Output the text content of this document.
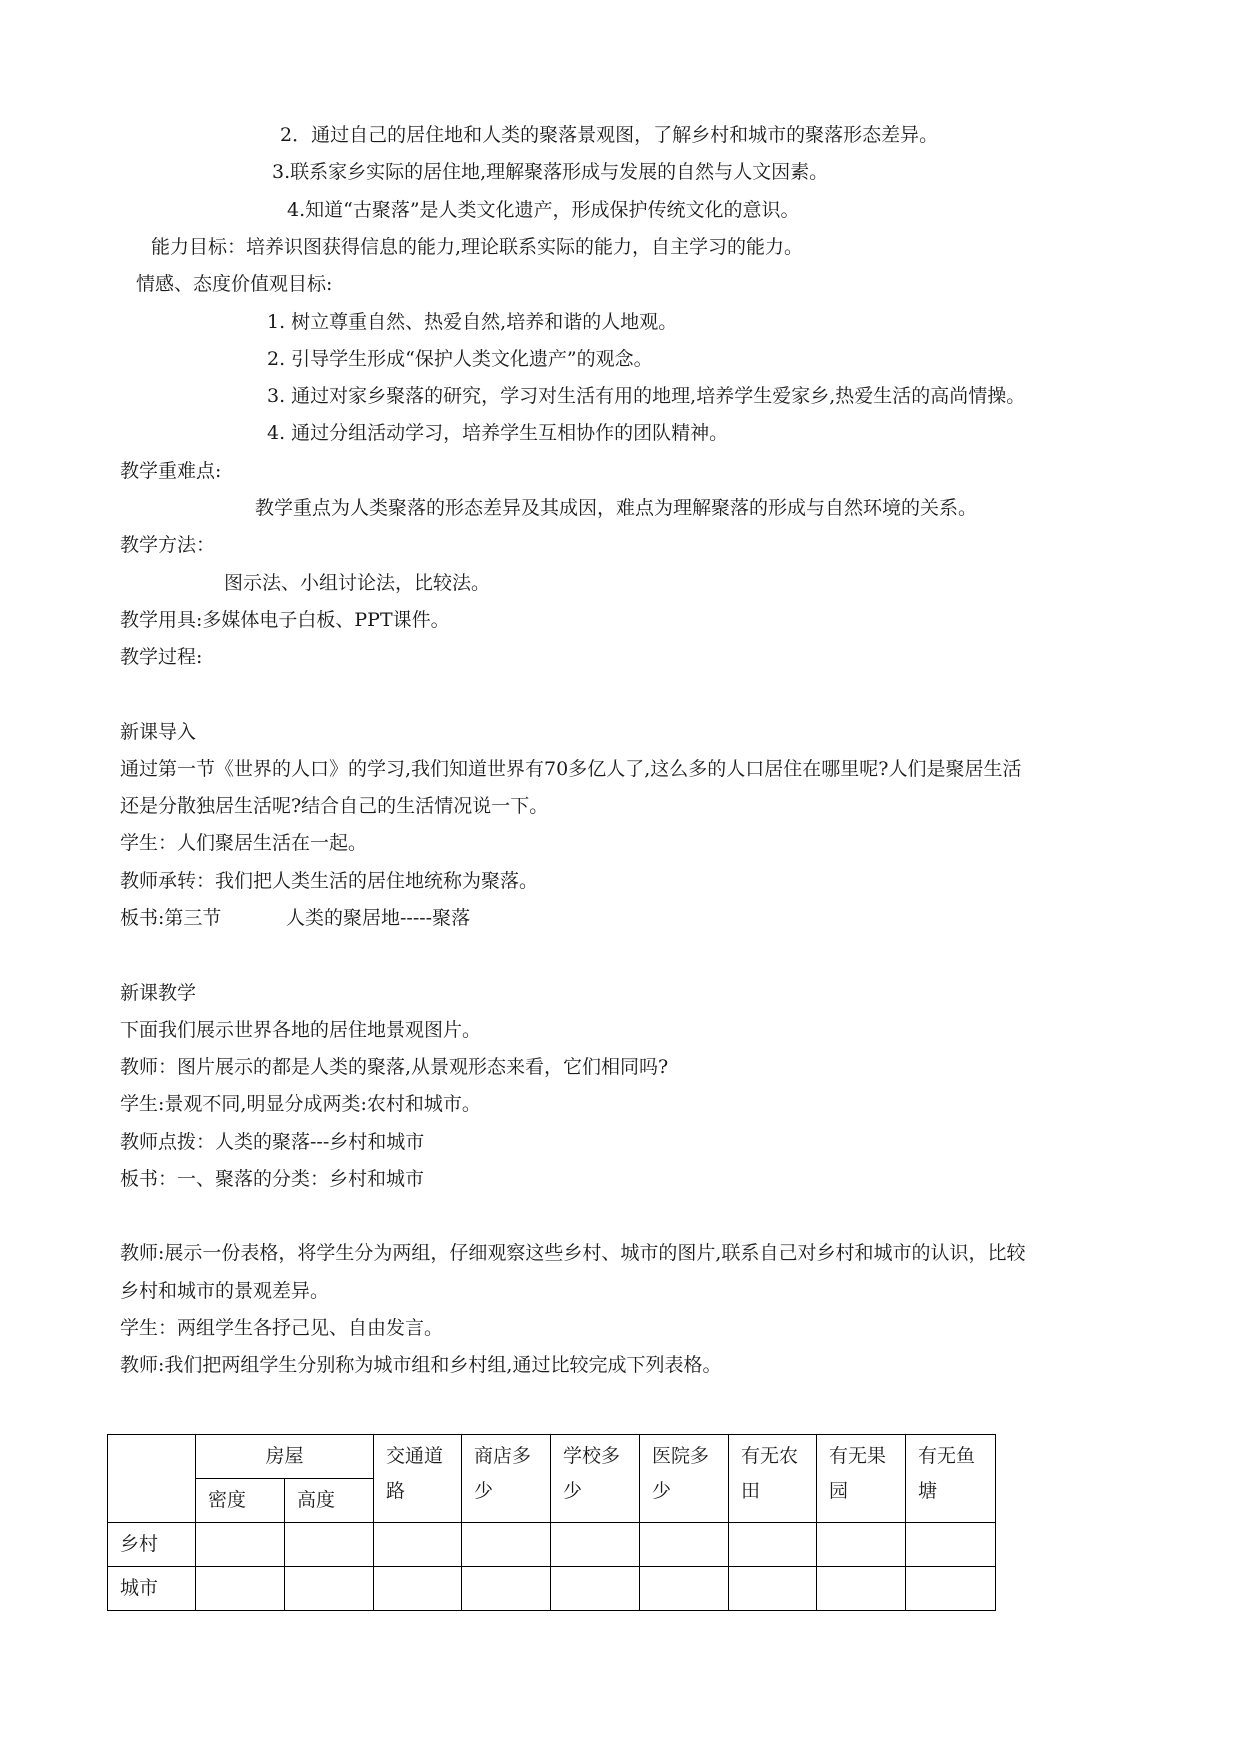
2．通过自己的居住地和人类的聚落景观图，了解乡村和城市的聚落形态差异。
3.联系家乡实际的居住地,理解聚落形成与发展的自然与人文因素。
4.知道“古聚落”是人类文化遗产，形成保护传统文化的意识。
能力目标：培养识图获得信息的能力,理论联系实际的能力，自主学习的能力。
情感、态度价值观目标:
1. 树立尊重自然、热爱自然,培养和谐的人地观。
2. 引导学生形成“保护人类文化遗产”的观念。
3. 通过对家乡聚落的研究，学习对生活有用的地理,培养学生爱家乡,热爱生活的高尚情操。
4. 通过分组活动学习，培养学生互相协作的团队精神。
教学重难点:
教学重点为人类聚落的形态差异及其成因，难点为理解聚落的形成与自然环境的关系。
教学方法：
图示法、小组讨论法，比较法。
教学用具:多媒体电子白板、PPT课件。
教学过程:
新课导入
通过第一节《世界的人口》的学习,我们知道世界有70多亿人了,这么多的人口居住在哪里呢?人们是聚居生活
还是分散独居生活呢?结合自己的生活情况说一下。
学生：人们聚居生活在一起。
教师承转：我们把人类生活的居住地统称为聚落。
板书:第三节	人类的聚居地-----聚落
新课教学
下面我们展示世界各地的居住地景观图片。
教师：图片展示的都是人类的聚落,从景观形态来看，它们相同吗?
学生:景观不同,明显分成两类:农村和城市。
教师点拨：人类的聚落---乡村和城市
板书：一、聚落的分类：乡村和城市
教师:展示一份表格，将学生分为两组，仔细观察这些乡村、城市的图片,联系自己对乡村和城市的认识，比较
乡村和城市的景观差异。
学生：两组学生各抒己见、自由发言。
教师:我们把两组学生分别称为城市组和乡村组,通过比较完成下列表格。
	房屋		交通道路	商店多少	学校多少	医院多少	有无农田	有无果园	有无鱼塘
	密度	高度							
乡村									
城市									
